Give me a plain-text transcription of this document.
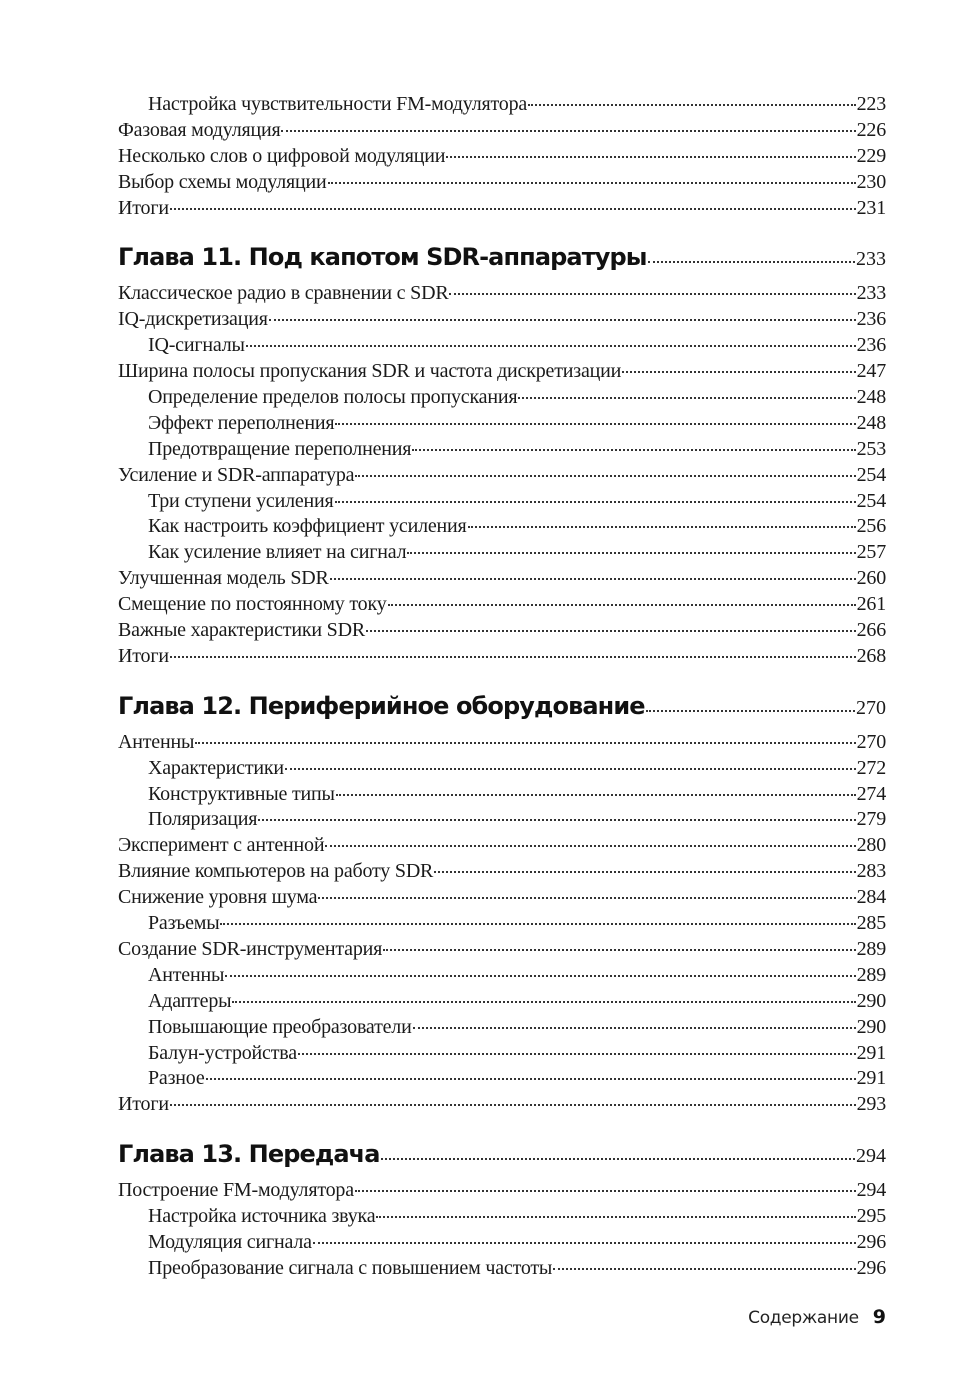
Настройка чувствительности FM-модулятора	223
Фазовая модуляция	226
Несколько слов о цифровой модуляции	229
Выбор схемы модуляции	230
Итоги	231
Глава 11. Под капотом SDR-аппаратуры	233
Классическое радио в сравнении с SDR	233
IQ-дискретизация	236
IQ-сигналы	236
Ширина полосы пропускания SDR и частота дискретизации	247
Определение пределов полосы пропускания	248
Эффект переполнения	248
Предотвращение переполнения	253
Усиление и SDR-аппаратура	254
Три ступени усиления	254
Как настроить коэффициент усиления	256
Как усиление влияет на сигнал	257
Улучшенная модель SDR	260
Смещение по постоянному току	261
Важные характеристики SDR	266
Итоги	268
Глава 12. Периферийное оборудование	270
Антенны	270
Характеристики	272
Конструктивные типы	274
Поляризация	279
Эксперимент с антенной	280
Влияние компьютеров на работу SDR	283
Снижение уровня шума	284
Разъемы	285
Создание SDR-инструментария	289
Антенны	289
Адаптеры	290
Повышающие преобразователи	290
Балун-устройства	291
Разное	291
Итоги	293
Глава 13. Передача	294
Построение FM-модулятора	294
Настройка источника звука	295
Модуляция сигнала	296
Преобразование сигнала с повышением частоты	296
Содержание 9
